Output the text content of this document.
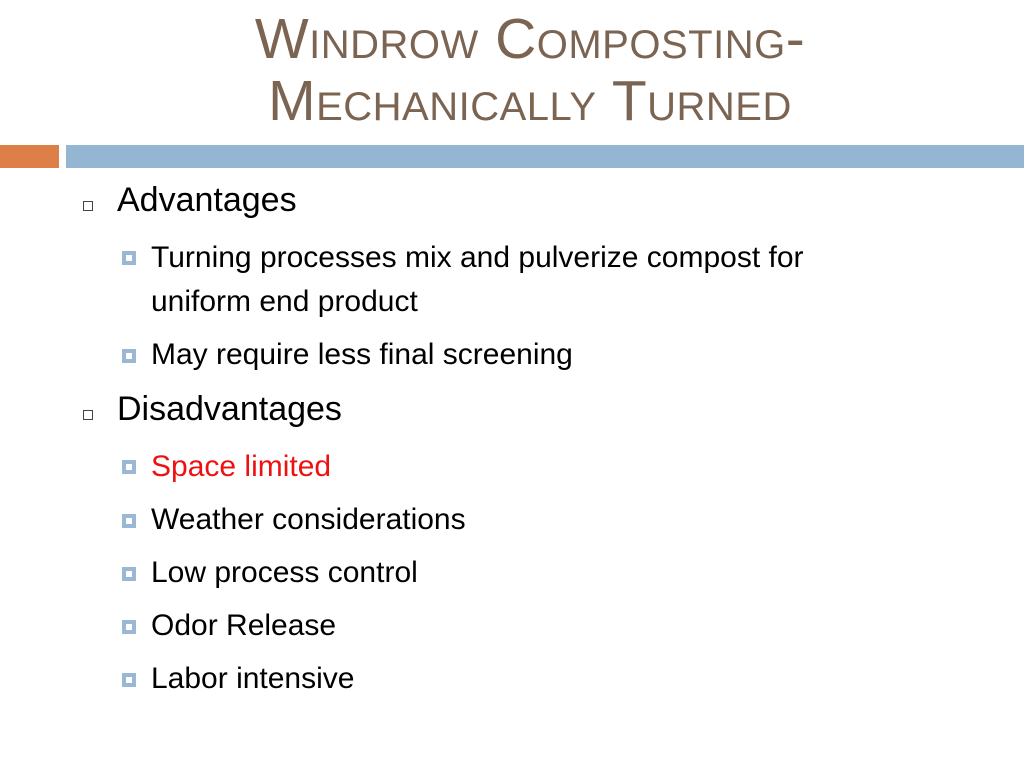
Windrow Composting-
Mechanically Turned
Advantages
Turning processes mix and pulverize compost for
uniform end product
May require less final screening
Disadvantages
Space limited
Weather considerations
Low process control
Odor Release
Labor intensive
